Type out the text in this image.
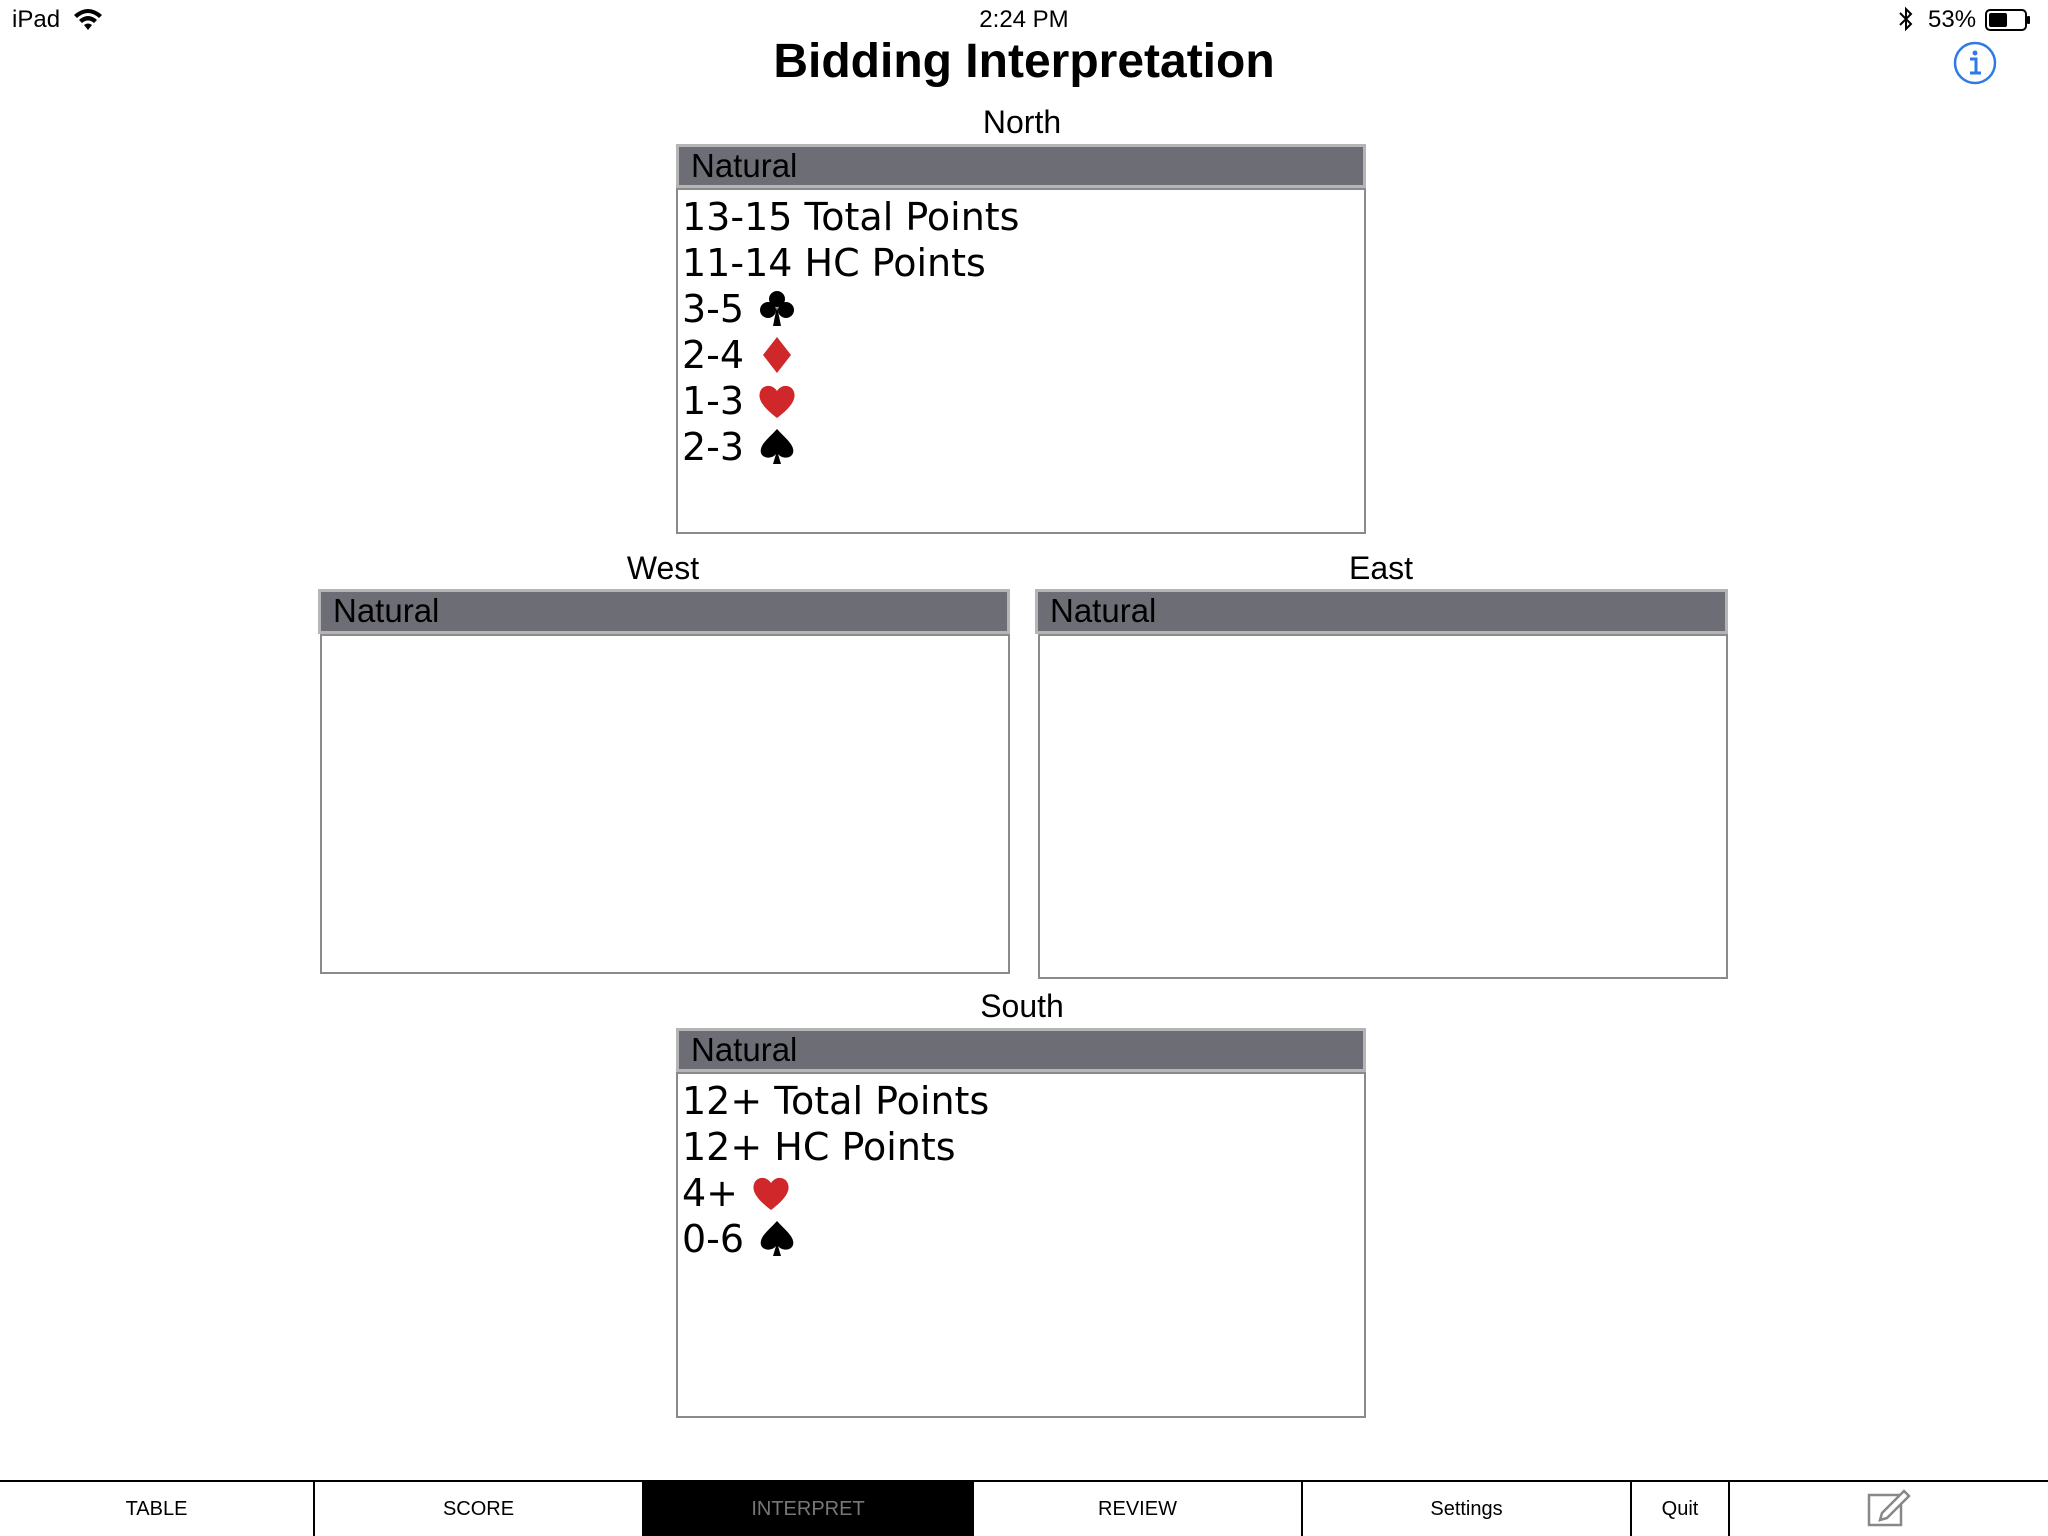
iPad	2:24 PM	53%
Bidding Interpretation
North
Natural
13-15 Total Points
11-14 HC Points
3-5
2-4
1-3
2-3
West
Natural
East
Natural
South
Natural
12+ Total Points
12+ HC Points
4+
0-6
TABLE	SCORE	INTERPRET	REVIEW	Settings	Quit
